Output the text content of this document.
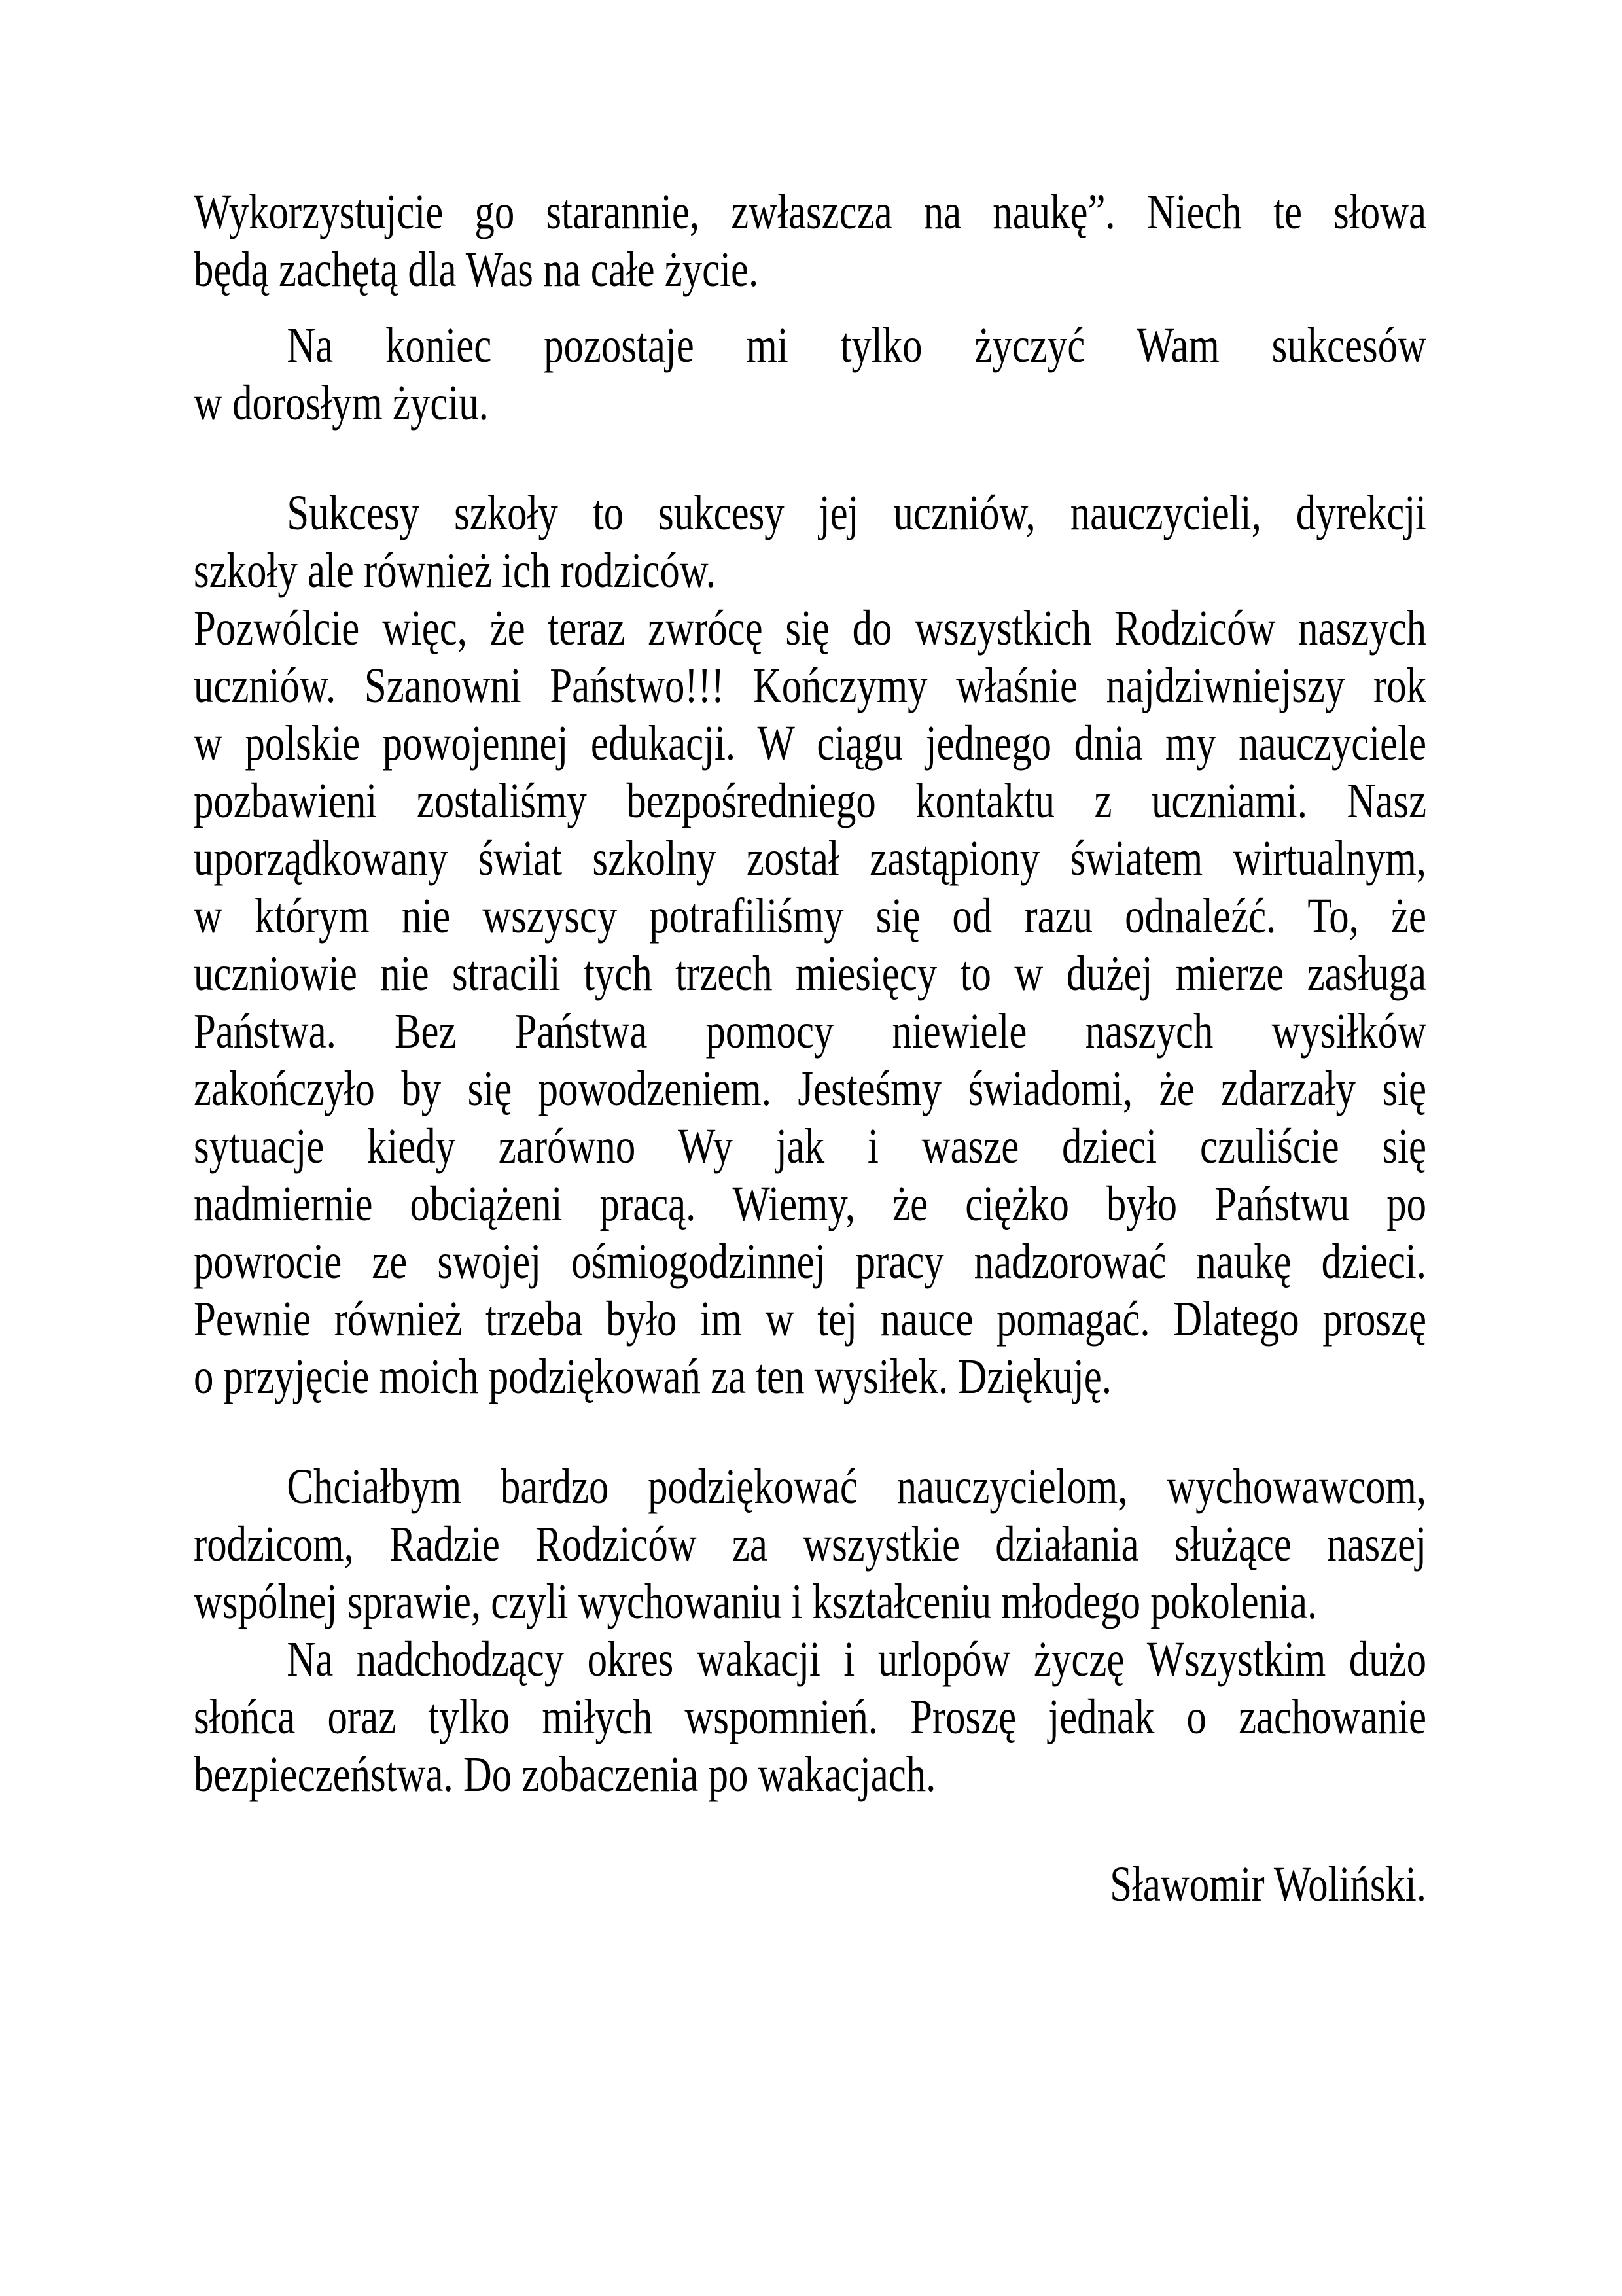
Wykorzystujcie go starannie, zwłaszcza na naukę”. Niech te słowa
będą zachętą dla Was na całe życie.
Na koniec pozostaje mi tylko życzyć Wam sukcesów
w dorosłym życiu.
Sukcesy szkoły to sukcesy jej uczniów, nauczycieli, dyrekcji
szkoły ale również ich rodziców.
Pozwólcie więc, że teraz zwrócę się do wszystkich Rodziców naszych
uczniów. Szanowni Państwo!!! Kończymy właśnie najdziwniejszy rok
w polskie powojennej edukacji. W ciągu jednego dnia my nauczyciele
pozbawieni zostaliśmy bezpośredniego kontaktu z uczniami. Nasz
uporządkowany świat szkolny został zastąpiony światem wirtualnym,
w którym nie wszyscy potrafiliśmy się od razu odnaleźć. To, że
uczniowie nie stracili tych trzech miesięcy to w dużej mierze zasługa
Państwa. Bez Państwa pomocy niewiele naszych wysiłków
zakończyło by się powodzeniem. Jesteśmy świadomi, że zdarzały się
sytuacje kiedy zarówno Wy jak i wasze dzieci czuliście się
nadmiernie obciążeni pracą. Wiemy, że ciężko było Państwu po
powrocie ze swojej ośmiogodzinnej pracy nadzorować naukę dzieci.
Pewnie również trzeba było im w tej nauce pomagać. Dlatego proszę
o przyjęcie moich podziękowań za ten wysiłek. Dziękuję.
Chciałbym bardzo podziękować nauczycielom, wychowawcom,
rodzicom, Radzie Rodziców za wszystkie działania służące naszej
wspólnej sprawie, czyli wychowaniu i kształceniu młodego pokolenia.
Na nadchodzący okres wakacji i urlopów życzę Wszystkim dużo
słońca oraz tylko miłych wspomnień. Proszę jednak o zachowanie
bezpieczeństwa. Do zobaczenia po wakacjach.
Sławomir Woliński.
